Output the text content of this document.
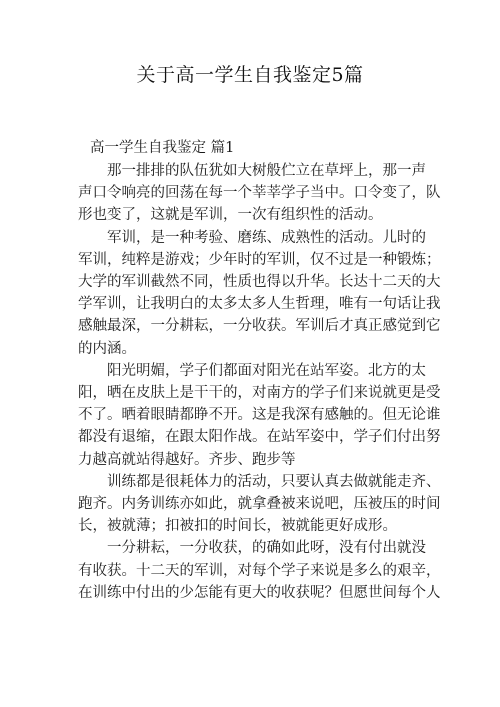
关于高一学生自我鉴定5篇
高一学生自我鉴定 篇1

那一排排的队伍犹如大树般伫立在草坪上，那一声
声口令响亮的回荡在每一个莘莘学子当中。口令变了，队
形也变了，这就是军训，一次有组织性的活动。

军训，是一种考验、磨练、成熟性的活动。儿时的
军训，纯粹是游戏；少年时的军训，仅不过是一种锻炼；
大学的军训截然不同，性质也得以升华。长达十二天的大
学军训，让我明白的太多太多人生哲理，唯有一句话让我
感触最深，一分耕耘，一分收获。军训后才真正感觉到它
的内涵。

阳光明媚，学子们都面对阳光在站军姿。北方的太
阳，晒在皮肤上是干干的，对南方的学子们来说就更是受
不了。晒着眼睛都睁不开。这是我深有感触的。但无论谁
都没有退缩，在跟太阳作战。在站军姿中，学子们付出努
力越高就站得越好。齐步、跑步等

训练都是很耗体力的活动，只要认真去做就能走齐、
跑齐。内务训练亦如此，就拿叠被来说吧，压被压的时间
长，被就薄；扣被扣的时间长，被就能更好成形。

一分耕耘，一分收获，的确如此呀，没有付出就没
有收获。十二天的军训，对每个学子来说是多么的艰辛，
在训练中付出的少怎能有更大的收获呢？但愿世间每个人
